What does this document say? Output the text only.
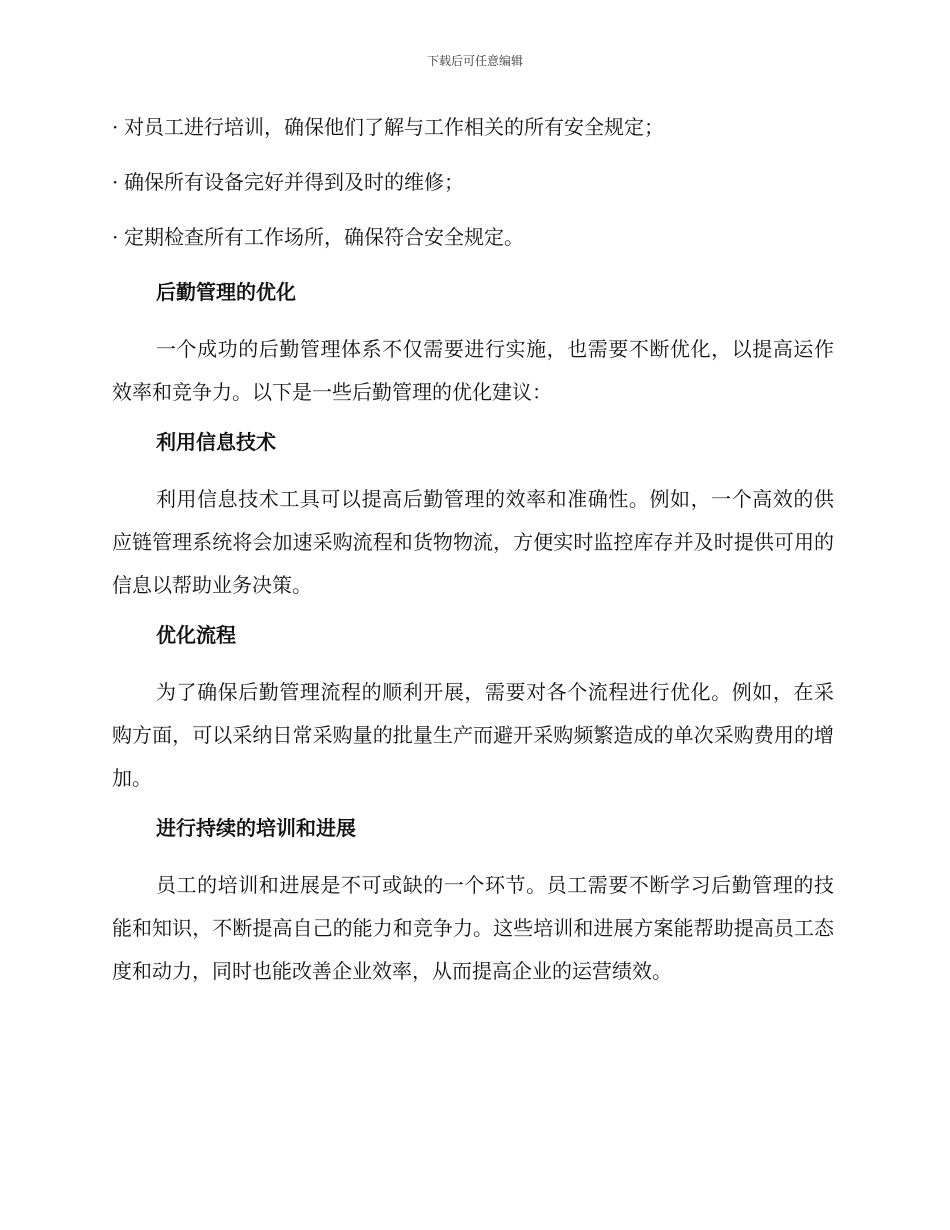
下载后可任意编辑

· 对员工进行培训，确保他们了解与工作相关的所有安全规定；

· 确保所有设备完好并得到及时的维修；

· 定期检查所有工作场所，确保符合安全规定。

后勤管理的优化

一个成功的后勤管理体系不仅需要进行实施，也需要不断优化，以提高运作效率和竞争力。以下是一些后勤管理的优化建议：

利用信息技术

利用信息技术工具可以提高后勤管理的效率和准确性。例如，一个高效的供应链管理系统将会加速采购流程和货物物流，方便实时监控库存并及时提供可用的信息以帮助业务决策。

优化流程

为了确保后勤管理流程的顺利开展，需要对各个流程进行优化。例如，在采购方面，可以采纳日常采购量的批量生产而避开采购频繁造成的单次采购费用的增加。

进行持续的培训和进展

员工的培训和进展是不可或缺的一个环节。员工需要不断学习后勤管理的技能和知识，不断提高自己的能力和竞争力。这些培训和进展方案能帮助提高员工态度和动力，同时也能改善企业效率，从而提高企业的运营绩效。
